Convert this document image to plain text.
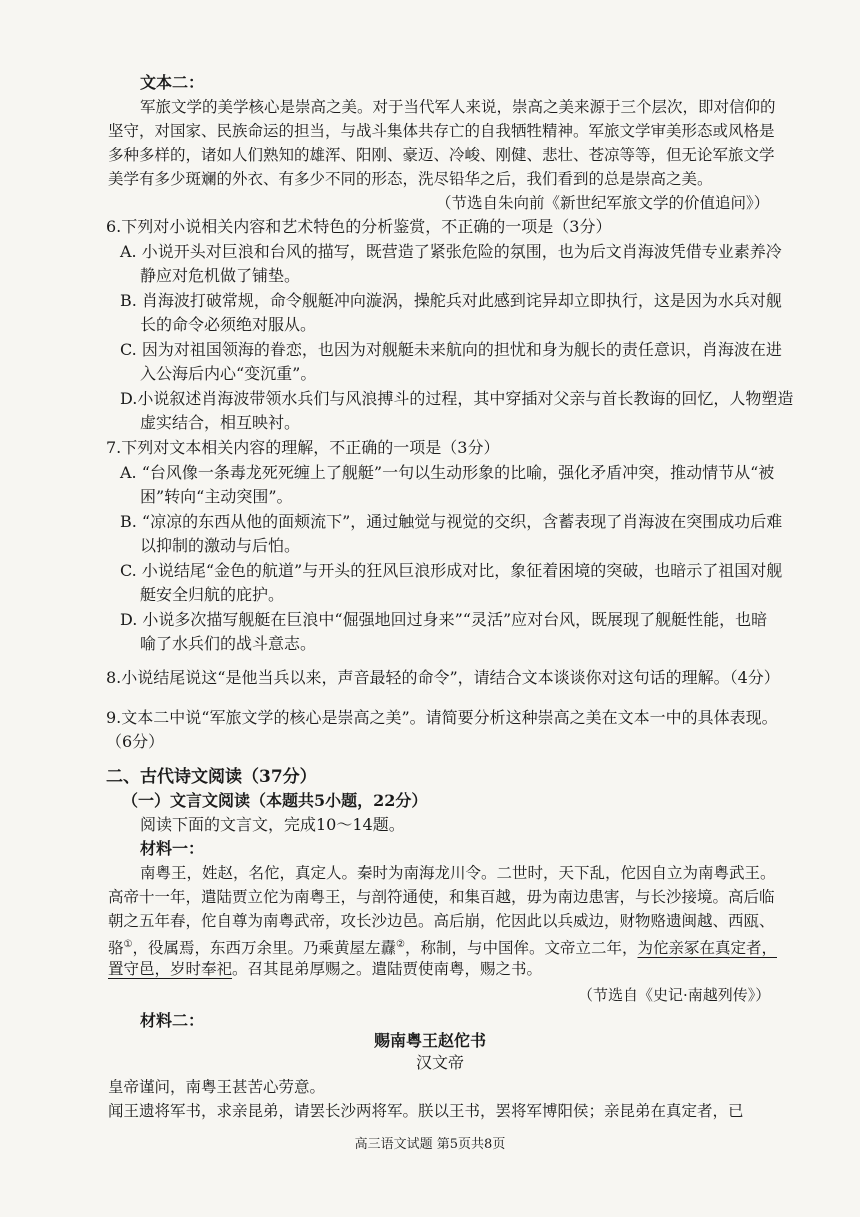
文本二：
军旅文学的美学核心是崇高之美。对于当代军人来说，崇高之美来源于三个层次，即对信仰的
坚守，对国家、民族命运的担当，与战斗集体共存亡的自我牺牲精神。军旅文学审美形态或风格是
多种多样的，诸如人们熟知的雄浑、阳刚、豪迈、冷峻、刚健、悲壮、苍凉等等，但无论军旅文学
美学有多少斑斓的外衣、有多少不同的形态，洗尽铅华之后，我们看到的总是崇高之美。
（节选自朱向前《新世纪军旅文学的价值追问》）
6.下列对小说相关内容和艺术特色的分析鉴赏，不正确的一项是（3分）
A. 小说开头对巨浪和台风的描写，既营造了紧张危险的氛围，也为后文肖海波凭借专业素养冷
静应对危机做了铺垫。
B. 肖海波打破常规，命令舰艇冲向漩涡，操舵兵对此感到诧异却立即执行，这是因为水兵对舰
长的命令必须绝对服从。
C. 因为对祖国领海的眷恋，也因为对舰艇未来航向的担忧和身为舰长的责任意识，肖海波在进
入公海后内心“变沉重”。
D.小说叙述肖海波带领水兵们与风浪搏斗的过程，其中穿插对父亲与首长教诲的回忆，人物塑造
虚实结合，相互映衬。
7.下列对文本相关内容的理解，不正确的一项是（3分）
A. “台风像一条毒龙死死缠上了舰艇”一句以生动形象的比喻，强化矛盾冲突，推动情节从“被
困”转向“主动突围”。
B. “凉凉的东西从他的面颊流下”，通过触觉与视觉的交织，含蓄表现了肖海波在突围成功后难
以抑制的激动与后怕。
C. 小说结尾“金色的航道”与开头的狂风巨浪形成对比，象征着困境的突破，也暗示了祖国对舰
艇安全归航的庇护。
D. 小说多次描写舰艇在巨浪中“倔强地回过身来”“灵活”应对台风，既展现了舰艇性能，也暗
喻了水兵们的战斗意志。
8.小说结尾说这“是他当兵以来，声音最轻的命令”，请结合文本谈谈你对这句话的理解。（4分）
9.文本二中说“军旅文学的核心是崇高之美”。请简要分析这种崇高之美在文本一中的具体表现。
（6分）
二、古代诗文阅读（37分）
（一）文言文阅读（本题共5小题，22分）
阅读下面的文言文，完成10～14题。
材料一：
南粤王，姓赵，名佗，真定人。秦时为南海龙川令。二世时，天下乱，佗因自立为南粤武王。
高帝十一年，遣陆贾立佗为南粤王，与剖符通使，和集百越，毋为南边患害，与长沙接境。高后临
朝之五年春，佗自尊为南粤武帝，攻长沙边邑。高后崩，佗因此以兵威边，财物赂遗闽越、西瓯、
骆①，役属焉，东西万余里。乃乘黄屋左纛②，称制，与中国侔。文帝立二年，为佗亲冢在真定者，
置守邑，岁时奉祀。召其昆弟厚赐之。遣陆贾使南粤，赐之书。
（节选自《史记·南越列传》）
材料二：
赐南粤王赵佗书
汉文帝
皇帝谨问，南粤王甚苦心劳意。
闻王遗将军书，求亲昆弟，请罢长沙两将军。朕以王书，罢将军博阳侯；亲昆弟在真定者，已
高三语文试题 第5页共8页
